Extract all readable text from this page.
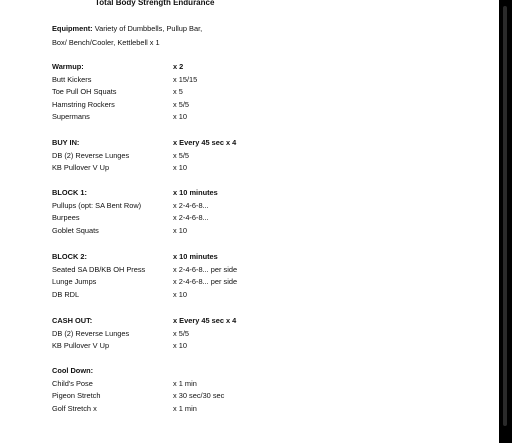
Total Body Strength Endurance
Equipment: Variety of Dumbbells, Pullup Bar,
Box/ Bench/Cooler, Kettlebell x 1
Warmup:	x 2
Butt Kickers	x 15/15
Toe Pull OH Squats	x 5
Hamstring Rockers	x 5/5
Supermans	x 10
BUY IN:	x Every 45 sec x 4
DB (2) Reverse Lunges	x 5/5
KB Pullover V Up	x 10
BLOCK 1:	x 10 minutes
Pullups (opt: SA Bent Row)	x 2-4-6-8...
Burpees	x 2-4-6-8...
Goblet Squats	x 10
BLOCK 2:	x 10 minutes
Seated SA DB/KB OH Press	x 2-4-6-8... per side
Lunge Jumps	x 2-4-6-8... per side
DB RDL	x 10
CASH OUT:	x Every 45 sec x 4
DB (2) Reverse Lunges	x 5/5
KB Pullover V Up	x 10
Cool Down:
Child's Pose	x 1 min
Pigeon Stretch	x 30 sec/30 sec
Golf Stretch x	x 1 min
